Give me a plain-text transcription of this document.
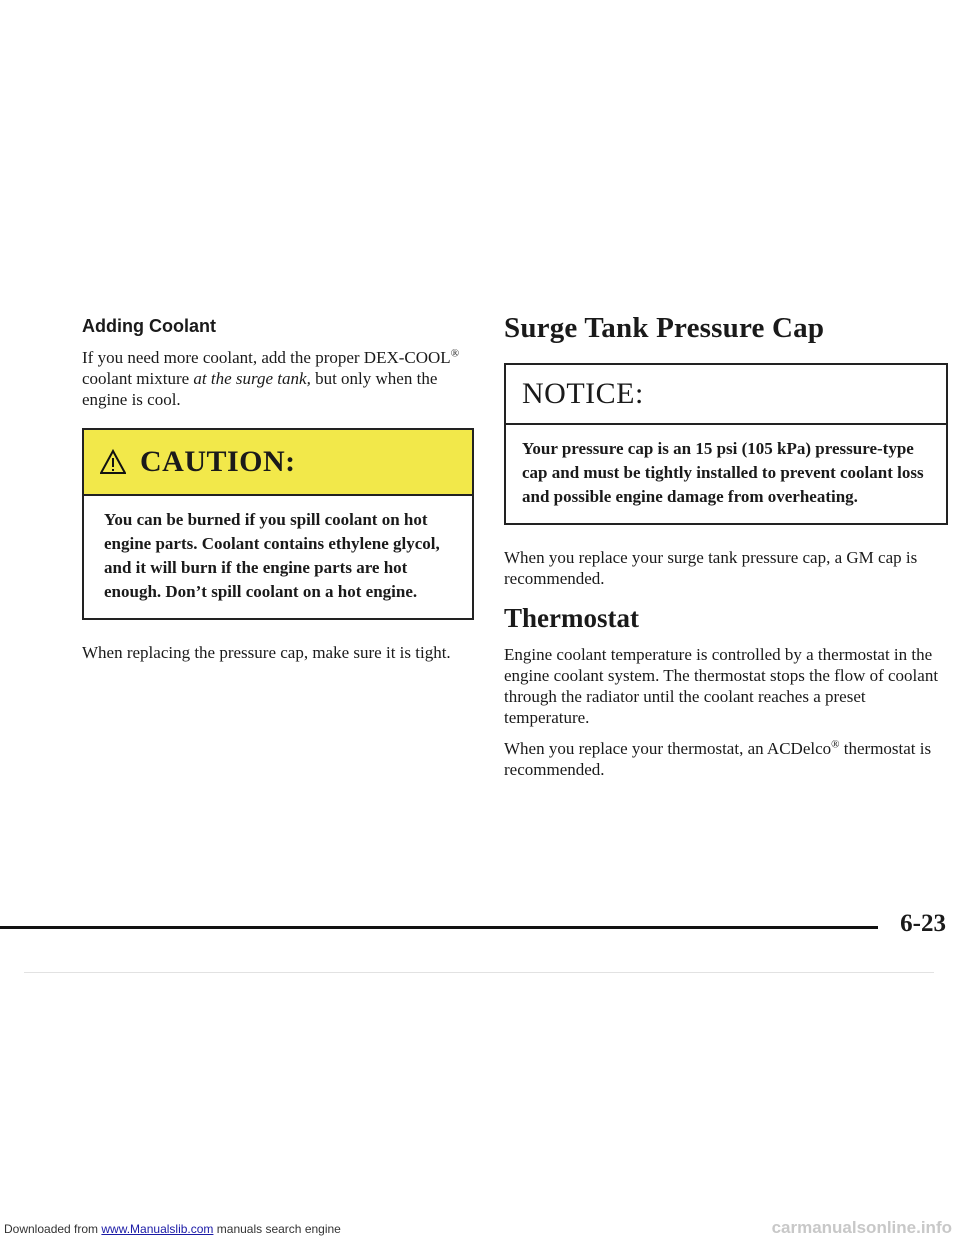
Adding Coolant

If you need more coolant, add the proper DEX-COOL® coolant mixture at the surge tank, but only when the engine is cool.

CAUTION:
You can be burned if you spill coolant on hot engine parts. Coolant contains ethylene glycol, and it will burn if the engine parts are hot enough. Don’t spill coolant on a hot engine.

When replacing the pressure cap, make sure it is tight.

Surge Tank Pressure Cap
NOTICE:
Your pressure cap is an 15 psi (105 kPa) pressure-type cap and must be tightly installed to prevent coolant loss and possible engine damage from overheating.

When you replace your surge tank pressure cap, a GM cap is recommended.

Thermostat

Engine coolant temperature is controlled by a thermostat in the engine coolant system. The thermostat stops the flow of coolant through the radiator until the coolant reaches a preset temperature.

When you replace your thermostat, an ACDelco® thermostat is recommended.

6-23
Downloaded from www.Manualslib.com manuals search engine	carmanualsonline.info
